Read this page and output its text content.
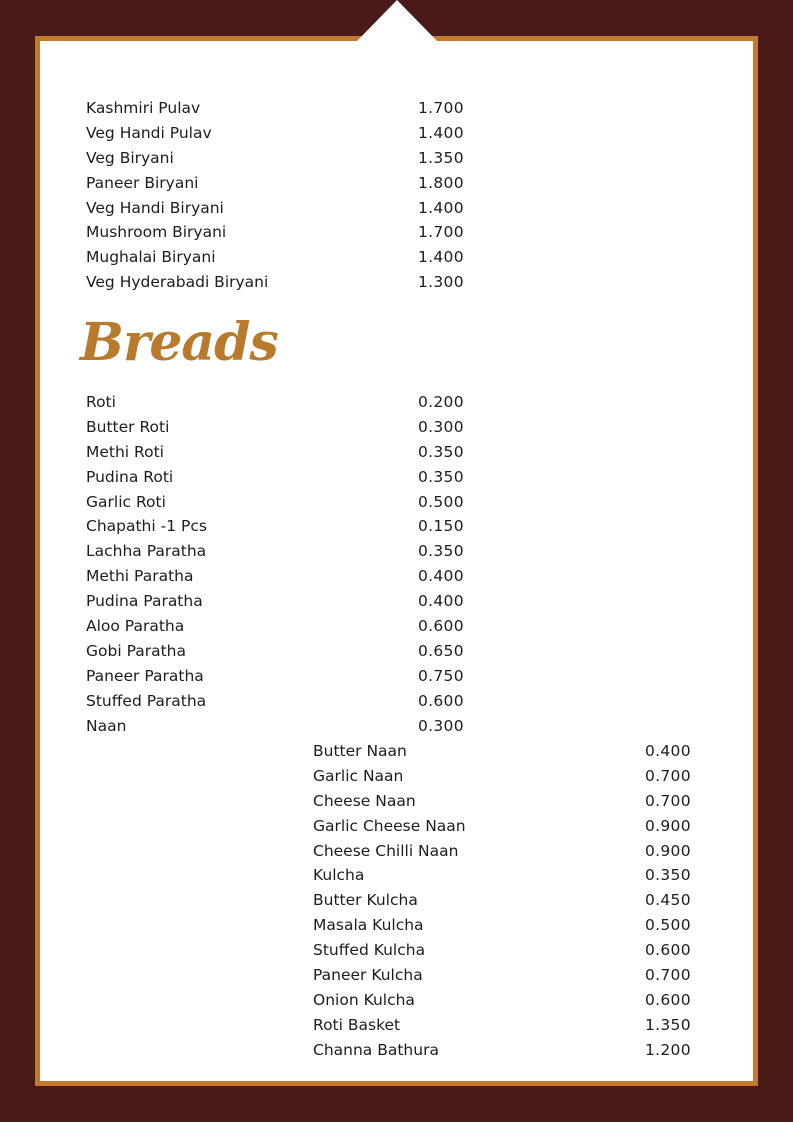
Kashmiri Pulav	1.700
Veg Handi Pulav	1.400
Veg Biryani	1.350
Paneer Biryani	1.800
Veg Handi Biryani	1.400
Mushroom Biryani	1.700
Mughalai Biryani	1.400
Veg Hyderabadi Biryani	1.300
Breads
Roti	0.200
Butter Roti	0.300
Methi Roti	0.350
Pudina Roti	0.350
Garlic Roti	0.500
Chapathi -1 Pcs	0.150
Lachha Paratha	0.350
Methi Paratha	0.400
Pudina Paratha	0.400
Aloo Paratha	0.600
Gobi Paratha	0.650
Paneer Paratha	0.750
Stuffed Paratha	0.600
Naan	0.300
Butter Naan	0.400
Garlic Naan	0.700
Cheese Naan	0.700
Garlic Cheese Naan	0.900
Cheese Chilli Naan	0.900
Kulcha	0.350
Butter Kulcha	0.450
Masala Kulcha	0.500
Stuffed Kulcha	0.600
Paneer Kulcha	0.700
Onion Kulcha	0.600
Roti Basket	1.350
Channa Bathura	1.200
